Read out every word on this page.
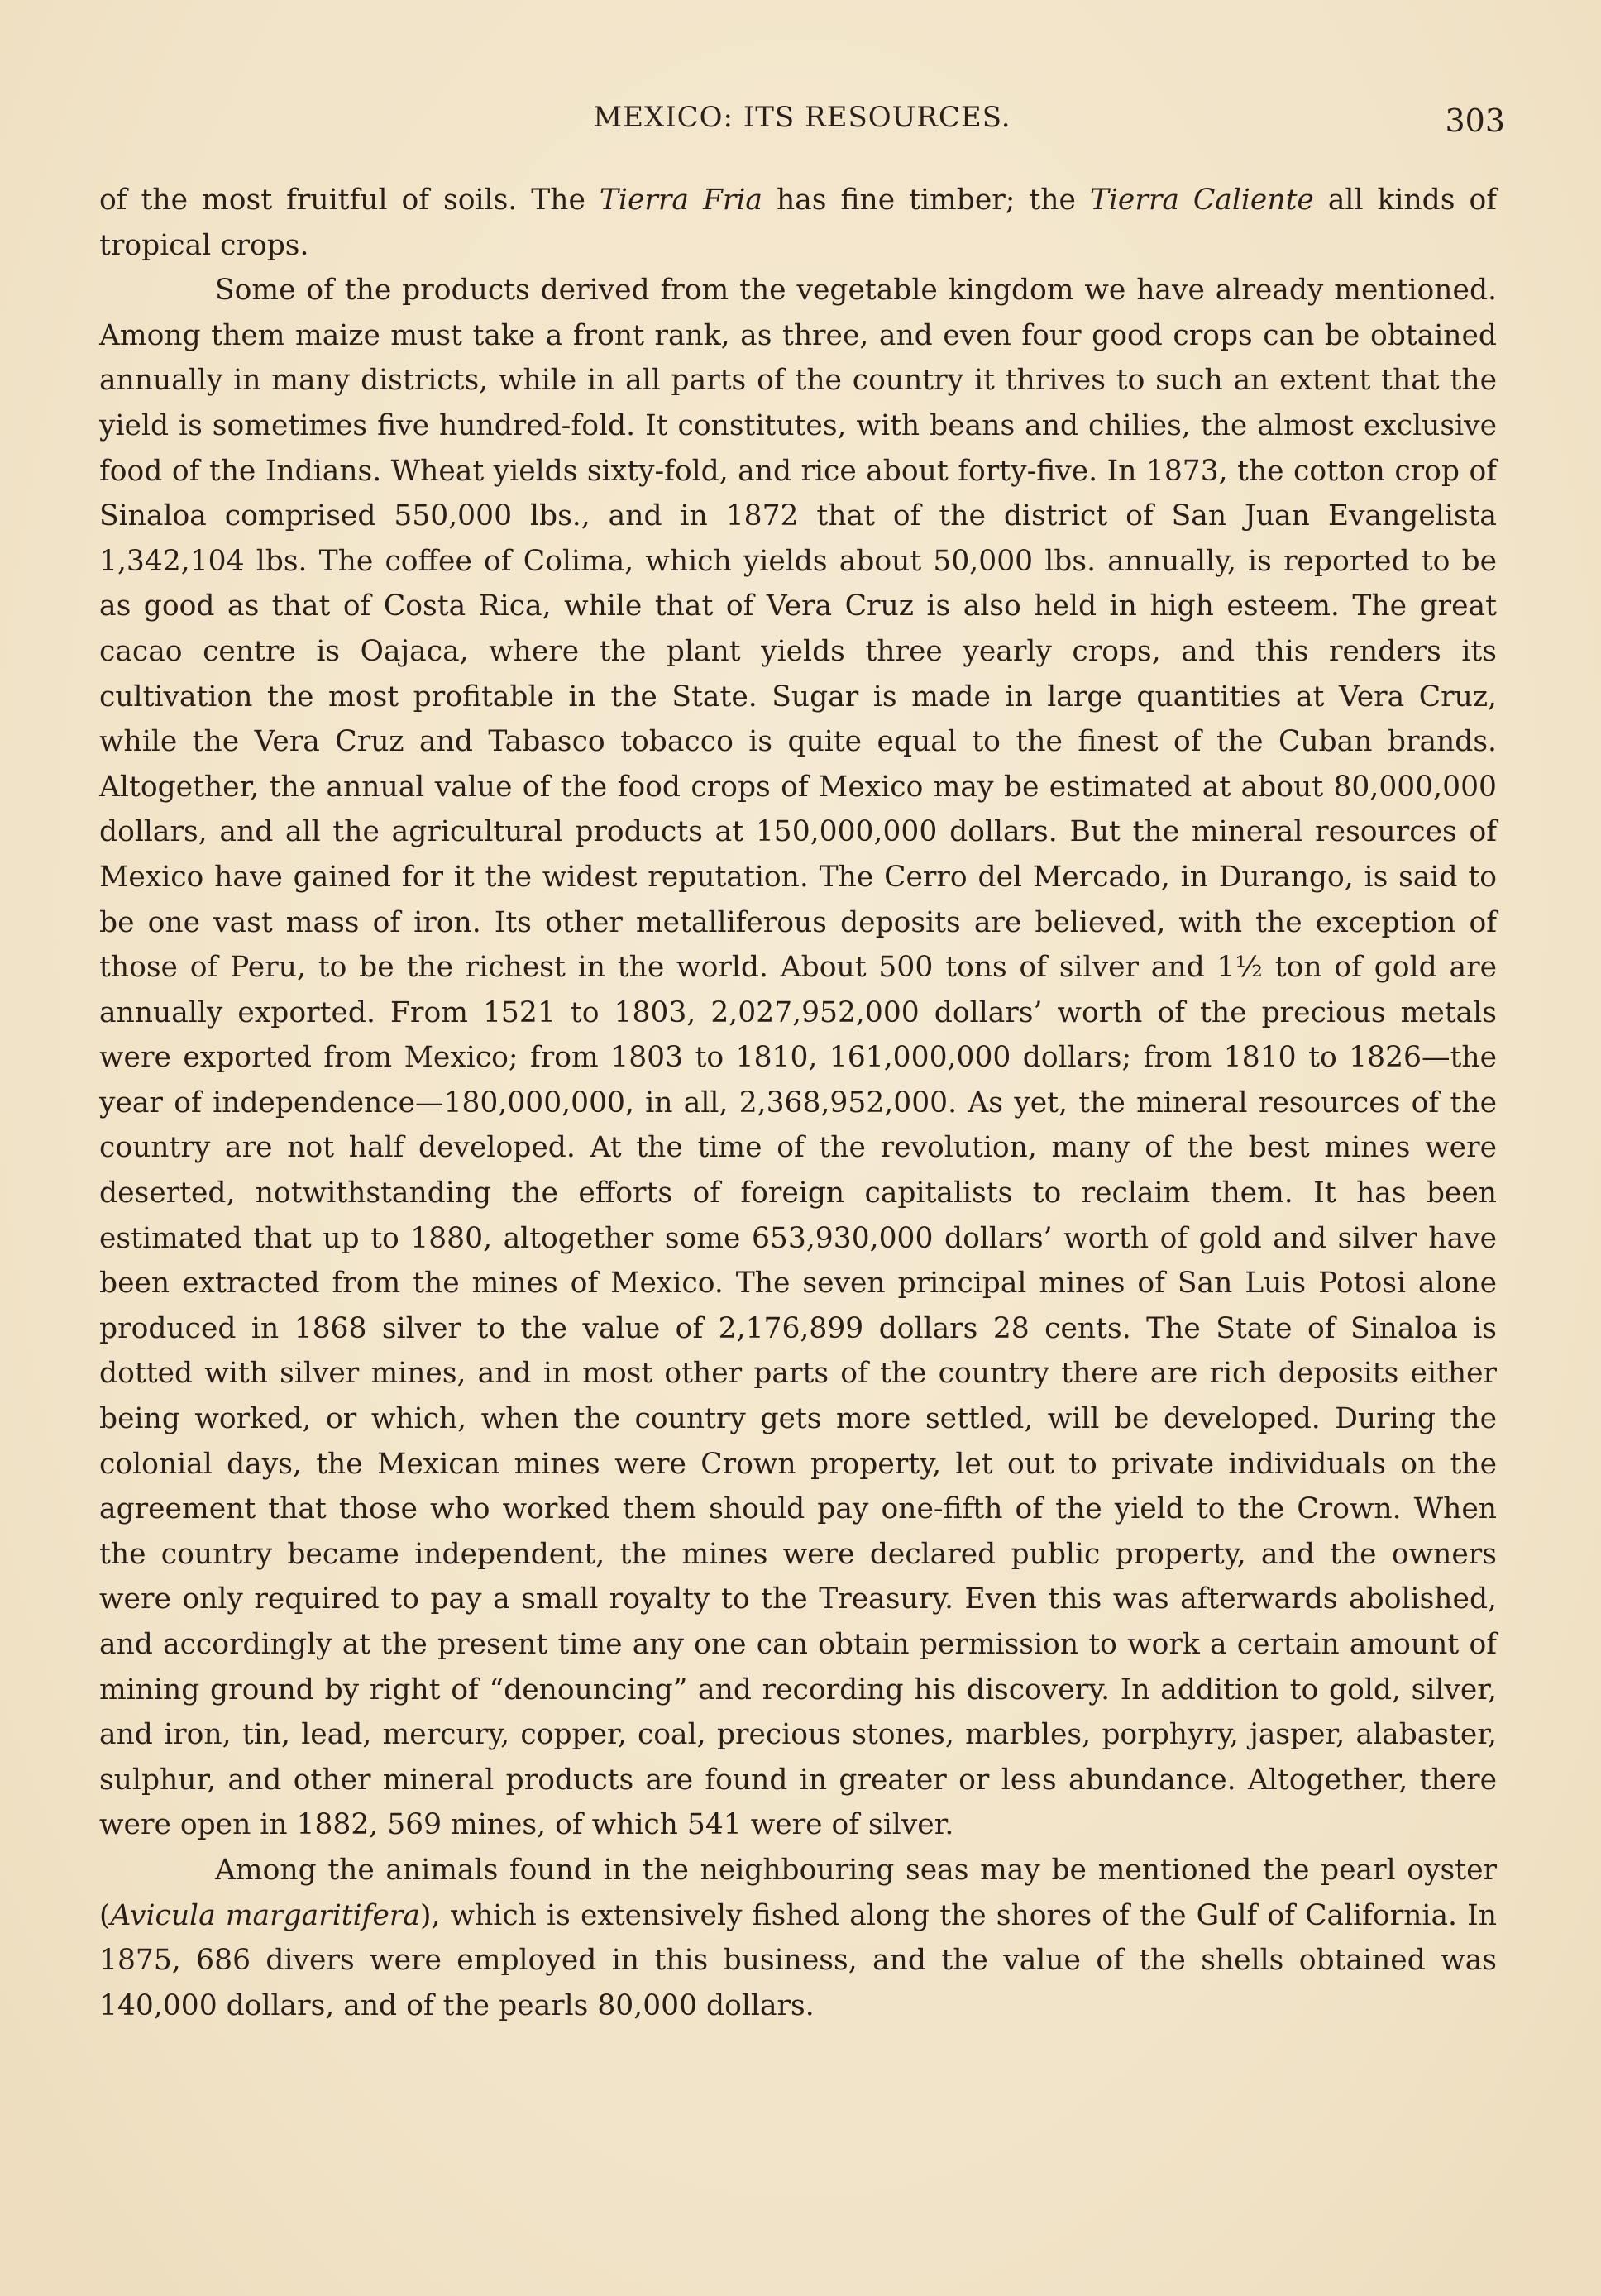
MEXICO: ITS RESOURCES.	303

of the most fruitful of soils. The Tierra Fria has fine timber; the Tierra Caliente all kinds of tropical crops.

Some of the products derived from the vegetable kingdom we have already mentioned. Among them maize must take a front rank, as three, and even four good crops can be obtained annually in many districts, while in all parts of the country it thrives to such an extent that the yield is sometimes five hundred-fold. It constitutes, with beans and chilies, the almost exclusive food of the Indians. Wheat yields sixty-fold, and rice about forty-five. In 1873, the cotton crop of Sinaloa comprised 550,000 lbs., and in 1872 that of the district of San Juan Evangelista 1,342,104 lbs. The coffee of Colima, which yields about 50,000 lbs. annually, is reported to be as good as that of Costa Rica, while that of Vera Cruz is also held in high esteem. The great cacao centre is Oajaca, where the plant yields three yearly crops, and this renders its cultivation the most profitable in the State. Sugar is made in large quantities at Vera Cruz, while the Vera Cruz and Tabasco tobacco is quite equal to the finest of the Cuban brands. Altogether, the annual value of the food crops of Mexico may be estimated at about 80,000,000 dollars, and all the agricultural products at 150,000,000 dollars. But the mineral resources of Mexico have gained for it the widest reputation. The Cerro del Mercado, in Durango, is said to be one vast mass of iron. Its other metalliferous deposits are believed, with the exception of those of Peru, to be the richest in the world. About 500 tons of silver and 1½ ton of gold are annually exported. From 1521 to 1803, 2,027,952,000 dollars’ worth of the precious metals were exported from Mexico; from 1803 to 1810, 161,000,000 dollars; from 1810 to 1826—the year of independence—180,000,000, in all, 2,368,952,000. As yet, the mineral resources of the country are not half developed. At the time of the revolution, many of the best mines were deserted, notwithstanding the efforts of foreign capitalists to reclaim them. It has been estimated that up to 1880, altogether some 653,930,000 dollars’ worth of gold and silver have been extracted from the mines of Mexico. The seven principal mines of San Luis Potosi alone produced in 1868 silver to the value of 2,176,899 dollars 28 cents. The State of Sinaloa is dotted with silver mines, and in most other parts of the country there are rich deposits either being worked, or which, when the country gets more settled, will be developed. During the colonial days, the Mexican mines were Crown property, let out to private individuals on the agreement that those who worked them should pay one-fifth of the yield to the Crown. When the country became independent, the mines were declared public property, and the owners were only required to pay a small royalty to the Treasury. Even this was afterwards abolished, and accordingly at the present time any one can obtain permission to work a certain amount of mining ground by right of “denouncing” and recording his discovery. In addition to gold, silver, and iron, tin, lead, mercury, copper, coal, precious stones, marbles, porphyry, jasper, alabaster, sulphur, and other mineral products are found in greater or less abundance. Altogether, there were open in 1882, 569 mines, of which 541 were of silver.

Among the animals found in the neighbouring seas may be mentioned the pearl oyster (Avicula margaritifera), which is extensively fished along the shores of the Gulf of California. In 1875, 686 divers were employed in this business, and the value of the shells obtained was 140,000 dollars, and of the pearls 80,000 dollars.
